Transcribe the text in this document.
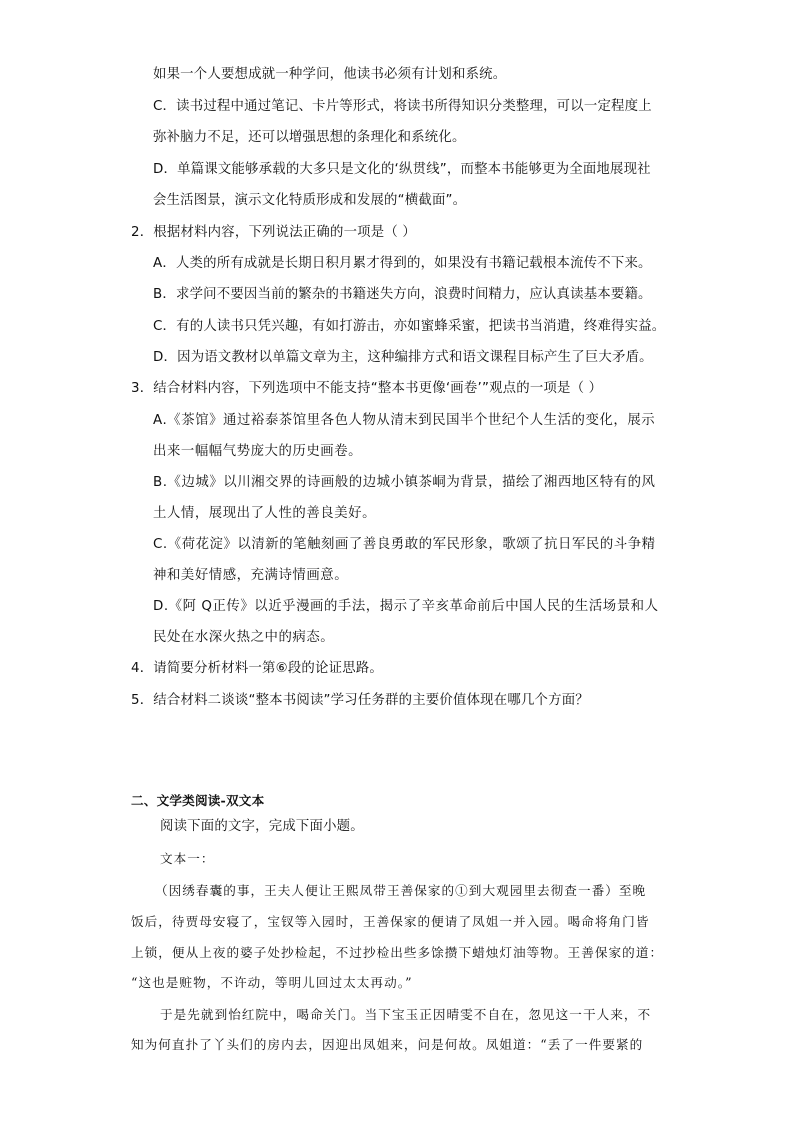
如果一个人要想成就一种学问，他读书必须有计划和系统。
C．读书过程中通过笔记、卡片等形式，将读书所得知识分类整理，可以一定程度上
弥补脑力不足，还可以增强思想的条理化和系统化。
D．单篇课文能够承载的大多只是文化的‘纵贯线”，而整本书能够更为全面地展现社
会生活图景，演示文化特质形成和发展的“横截面”。
2．根据材料内容，下列说法正确的一项是（ ）
A．人类的所有成就是长期日积月累才得到的，如果没有书籍记载根本流传不下来。
B．求学问不要因当前的繁杂的书籍迷失方向，浪费时间精力，应认真读基本要籍。
C．有的人读书只凭兴趣，有如打游击，亦如蜜蜂采蜜，把读书当消遣，终难得实益。
D．因为语文教材以单篇文章为主，这种编排方式和语文课程目标产生了巨大矛盾。
3．结合材料内容，下列选项中不能支持“整本书更像‘画卷’”观点的一项是（ ）
A.《茶馆》通过裕泰茶馆里各色人物从清末到民国半个世纪个人生活的变化，展示
出来一幅幅气势庞大的历史画卷。
B.《边城》以川湘交界的诗画般的边城小镇茶峒为背景，描绘了湘西地区特有的风
土人情，展现出了人性的善良美好。
C.《荷花淀》以清新的笔触刻画了善良勇敢的军民形象，歌颂了抗日军民的斗争精
神和美好情感，充满诗情画意。
D.《阿 Q正传》以近乎漫画的手法，揭示了辛亥革命前后中国人民的生活场景和人
民处在水深火热之中的病态。
4．请简要分析材料一第⑥段的论证思路。
5．结合材料二谈谈“整本书阅读”学习任务群的主要价值体现在哪几个方面？
二、文学类阅读-双文本
阅读下面的文字，完成下面小题。
文本一：
（因绣春囊的事，王夫人便让王熙凤带王善保家的①到大观园里去彻查一番）至晚
饭后，待贾母安寝了，宝钗等入园时，王善保家的便请了凤姐一并入园。喝命将角门皆
上锁，便从上夜的婆子处抄检起，不过抄检出些多馀攒下蜡烛灯油等物。王善保家的道：
“这也是赃物，不许动，等明儿回过太太再动。”
于是先就到怡红院中，喝命关门。当下宝玉正因晴雯不自在，忽见这一干人来，不
知为何直扑了丫头们的房内去，因迎出凤姐来，问是何故。凤姐道：“丢了一件要紧的
